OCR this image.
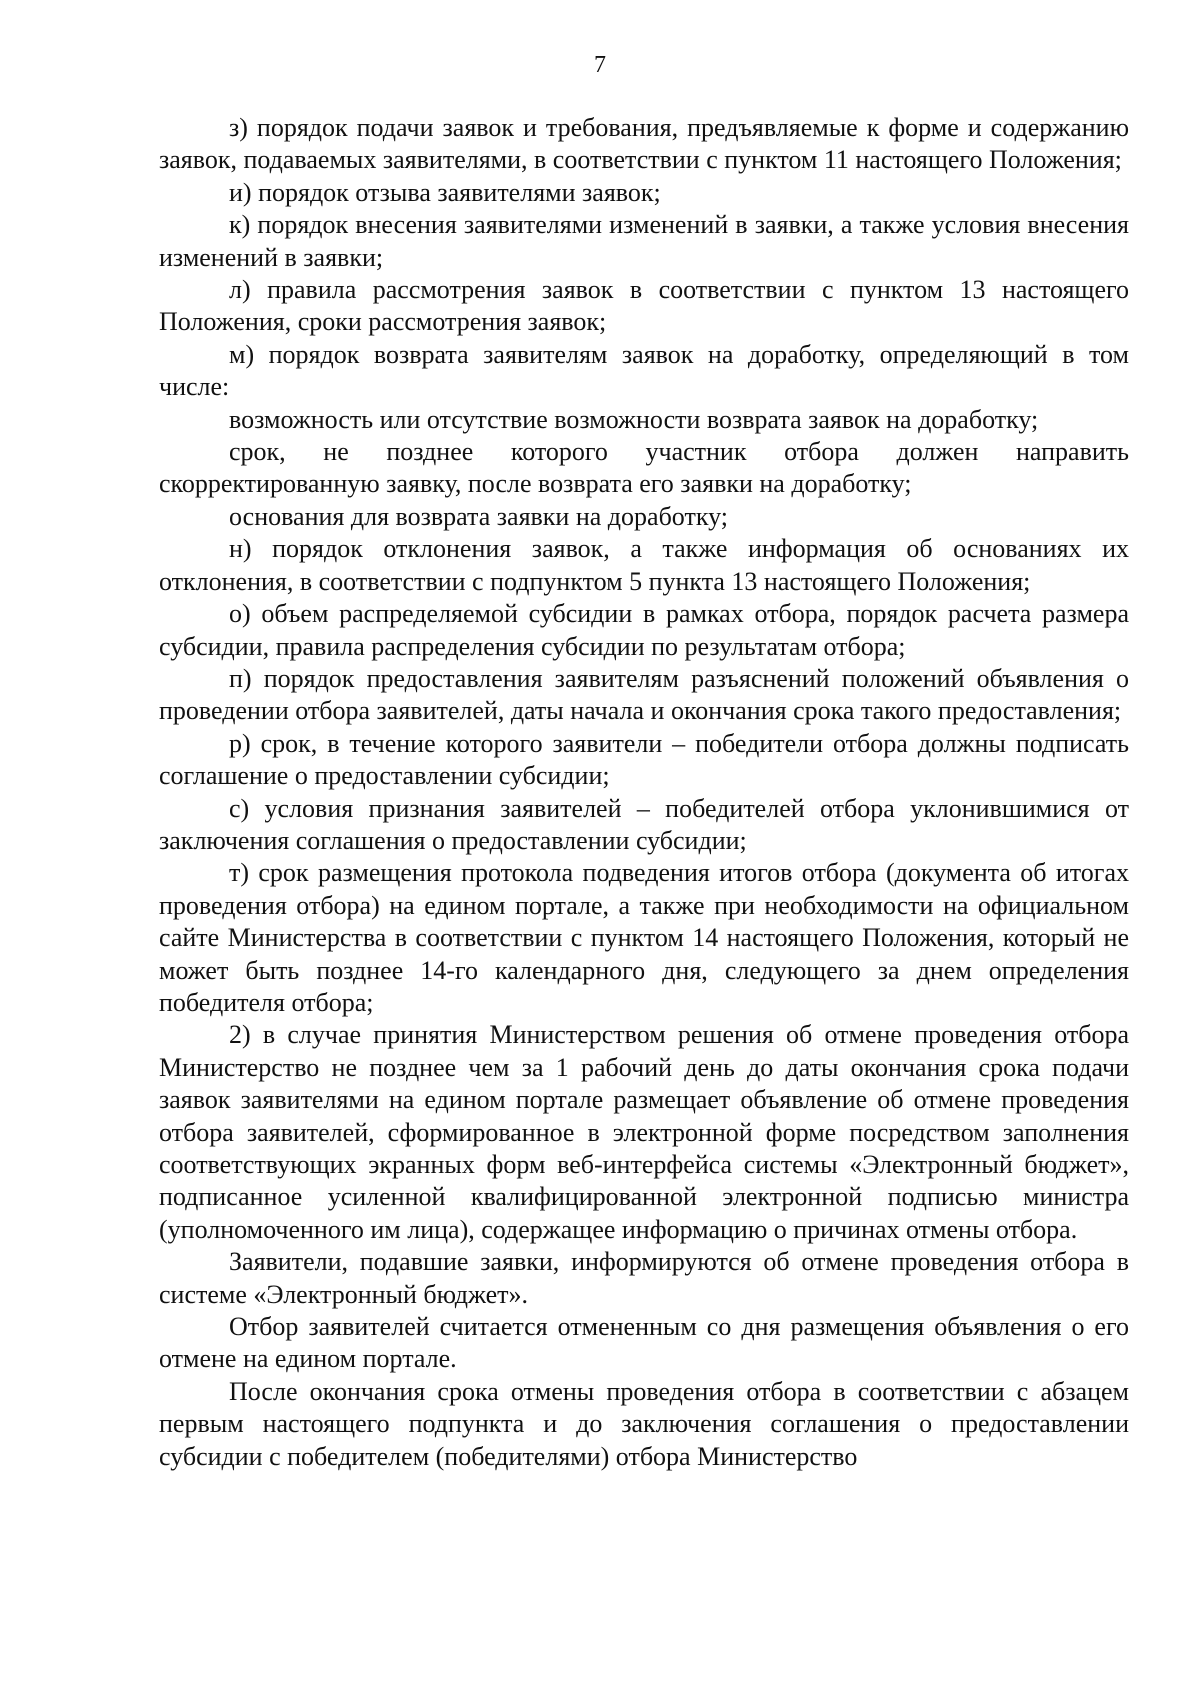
7

з) порядок подачи заявок и требования, предъявляемые к форме и содержанию заявок, подаваемых заявителями, в соответствии с пунктом 11 настоящего Положения;

и) порядок отзыва заявителями заявок;

к) порядок внесения заявителями изменений в заявки, а также условия внесения изменений в заявки;

л) правила рассмотрения заявок в соответствии с пунктом 13 настоящего Положения, сроки рассмотрения заявок;

м) порядок возврата заявителям заявок на доработку, определяющий в том числе:

возможность или отсутствие возможности возврата заявок на доработку;

срок, не позднее которого участник отбора должен направить скорректированную заявку, после возврата его заявки на доработку;

основания для возврата заявки на доработку;

н) порядок отклонения заявок, а также информация об основаниях их отклонения, в соответствии с подпунктом 5 пункта 13 настоящего Положения;

о) объем распределяемой субсидии в рамках отбора, порядок расчета размера субсидии, правила распределения субсидии по результатам отбора;

п) порядок предоставления заявителям разъяснений положений объявления о проведении отбора заявителей, даты начала и окончания срока такого предоставления;

р) срок, в течение которого заявители – победители отбора должны подписать соглашение о предоставлении субсидии;

с) условия признания заявителей – победителей отбора уклонившимися от заключения соглашения о предоставлении субсидии;

т) срок размещения протокола подведения итогов отбора (документа об итогах проведения отбора) на едином портале, а также при необходимости на официальном сайте Министерства в соответствии с пунктом 14 настоящего Положения, который не может быть позднее 14-го календарного дня, следующего за днем определения победителя отбора;

2) в случае принятия Министерством решения об отмене проведения отбора Министерство не позднее чем за 1 рабочий день до даты окончания срока подачи заявок заявителями на едином портале размещает объявление об отмене проведения отбора заявителей, сформированное в электронной форме посредством заполнения соответствующих экранных форм веб-интерфейса системы «Электронный бюджет», подписанное усиленной квалифицированной электронной подписью министра (уполномоченного им лица), содержащее информацию о причинах отмены отбора.

Заявители, подавшие заявки, информируются об отмене проведения отбора в системе «Электронный бюджет».

Отбор заявителей считается отмененным со дня размещения объявления о его отмене на едином портале.

После окончания срока отмены проведения отбора в соответствии с абзацем первым настоящего подпункта и до заключения соглашения о предоставлении субсидии с победителем (победителями) отбора Министерство
